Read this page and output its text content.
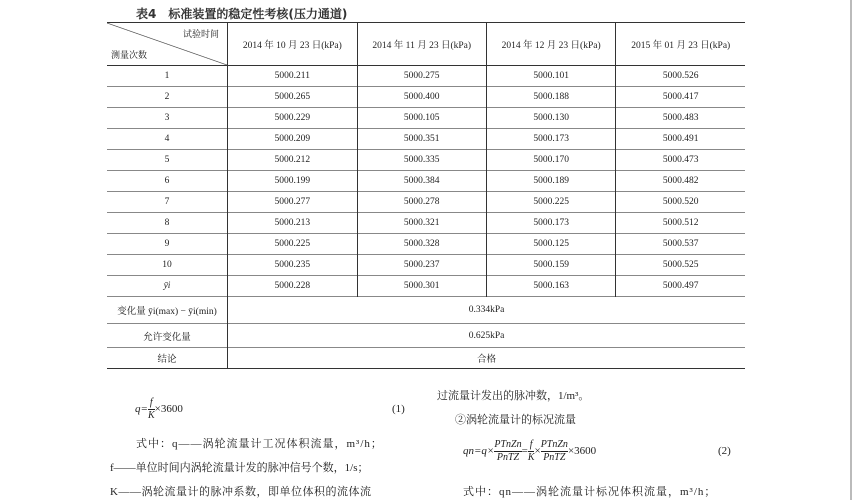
表4　标准装置的稳定性考核(压力通道)
试验时间
测量次数	2014 年 10 月 23 日(kPa)	2014 年 11 月 23 日(kPa)	2014 年 12 月 23 日(kPa)	2015 年 01 月 23 日(kPa)
1	5000.211	5000.275	5000.101	5000.526
2	5000.265	5000.400	5000.188	5000.417
3	5000.229	5000.105	5000.130	5000.483
4	5000.209	5000.351	5000.173	5000.491
5	5000.212	5000.335	5000.170	5000.473
6	5000.199	5000.384	5000.189	5000.482
7	5000.277	5000.278	5000.225	5000.520
8	5000.213	5000.321	5000.173	5000.512
9	5000.225	5000.328	5000.125	5000.537
10	5000.235	5000.237	5000.159	5000.525
ȳi	5000.228	5000.301	5000.163	5000.497
变化量 ȳi(max) − ȳi(min)	0.334kPa			
允许变化量	0.625kPa			
结论	合格			
$q= \frac{f}{K} \times 3600$	(1)
式中：q——涡轮流量计工况体积流量，m³/h；
f——单位时间内涡轮流量计发的脉冲信号个数，1/s；
K——涡轮流量计的脉冲系数，即单位体积的流体流
过流量计发出的脉冲数，1/m³。
②涡轮流量计的标况流量
$qn=q\times \frac{\text{PTnZn}}{\text{PnTZ}} = \frac{f}{K} \times \frac{\text{PTnZn}}{\text{PnTZ}} \times 3600$	(2)
式中：qn——涡轮流量计标况体积流量，m³/h；
